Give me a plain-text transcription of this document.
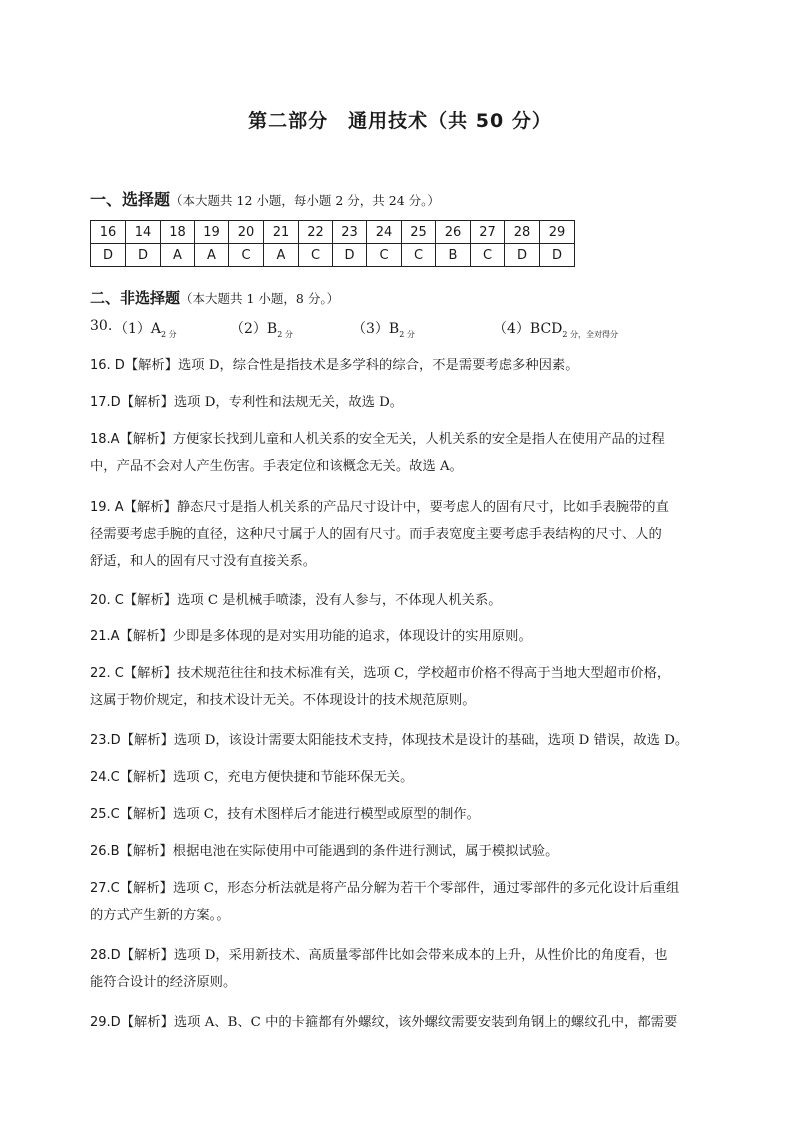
第二部分　通用技术（共 50 分）
一、选择题（本大题共 12 小题，每小题 2 分，共 24 分。）
16	14	18	19	20	21	22	23	24	25	26	27	28	29
D	D	A	A	C	A	C	D	C	C	B	C	D	D
二、非选择题（本大题共 1 小题，8 分。）
30. $(1)A_{2 分}$	$(2)B_{2 分}$	$(3)B_{2 分}$	$(4)BCD_{2 分,全对得分}$
16. D【解析】选项 D，综合性是指技术是多学科的综合，不是需要考虑多种因素。
17.D【解析】选项 D，专利性和法规无关，故选 D。
18.A【解析】方便家长找到儿童和人机关系的安全无关，人机关系的安全是指人在使用产品的过程
中，产品不会对人产生伤害。手表定位和该概念无关。故选 A。
19. A【解析】静态尺寸是指人机关系的产品尺寸设计中，要考虑人的固有尺寸，比如手表腕带的直
径需要考虑手腕的直径，这种尺寸属于人的固有尺寸。而手表宽度主要考虑手表结构的尺寸、人的
舒适，和人的固有尺寸没有直接关系。
20. C【解析】选项 C 是机械手喷漆，没有人参与，不体现人机关系。
21.A【解析】少即是多体现的是对实用功能的追求，体现设计的实用原则。
22. C【解析】技术规范往往和技术标准有关，选项 C，学校超市价格不得高于当地大型超市价格，
这属于物价规定，和技术设计无关。不体现设计的技术规范原则。
23.D【解析】选项 D，该设计需要太阳能技术支持，体现技术是设计的基础，选项 D 错误，故选 D。
24.C【解析】选项 C，充电方便快捷和节能环保无关。
25.C【解析】选项 C，技有术图样后才能进行模型或原型的制作。
26.B【解析】根据电池在实际使用中可能遇到的条件进行测试，属于模拟试验。
27.C【解析】选项 C，形态分析法就是将产品分解为若干个零部件，通过零部件的多元化设计后重组
的方式产生新的方案。。
28.D【解析】选项 D，采用新技术、高质量零部件比如会带来成本的上升，从性价比的角度看，也
能符合设计的经济原则。
29.D【解析】选项 A、B、C 中的卡箍都有外螺纹，该外螺纹需要安装到角钢上的螺纹孔中，都需要
